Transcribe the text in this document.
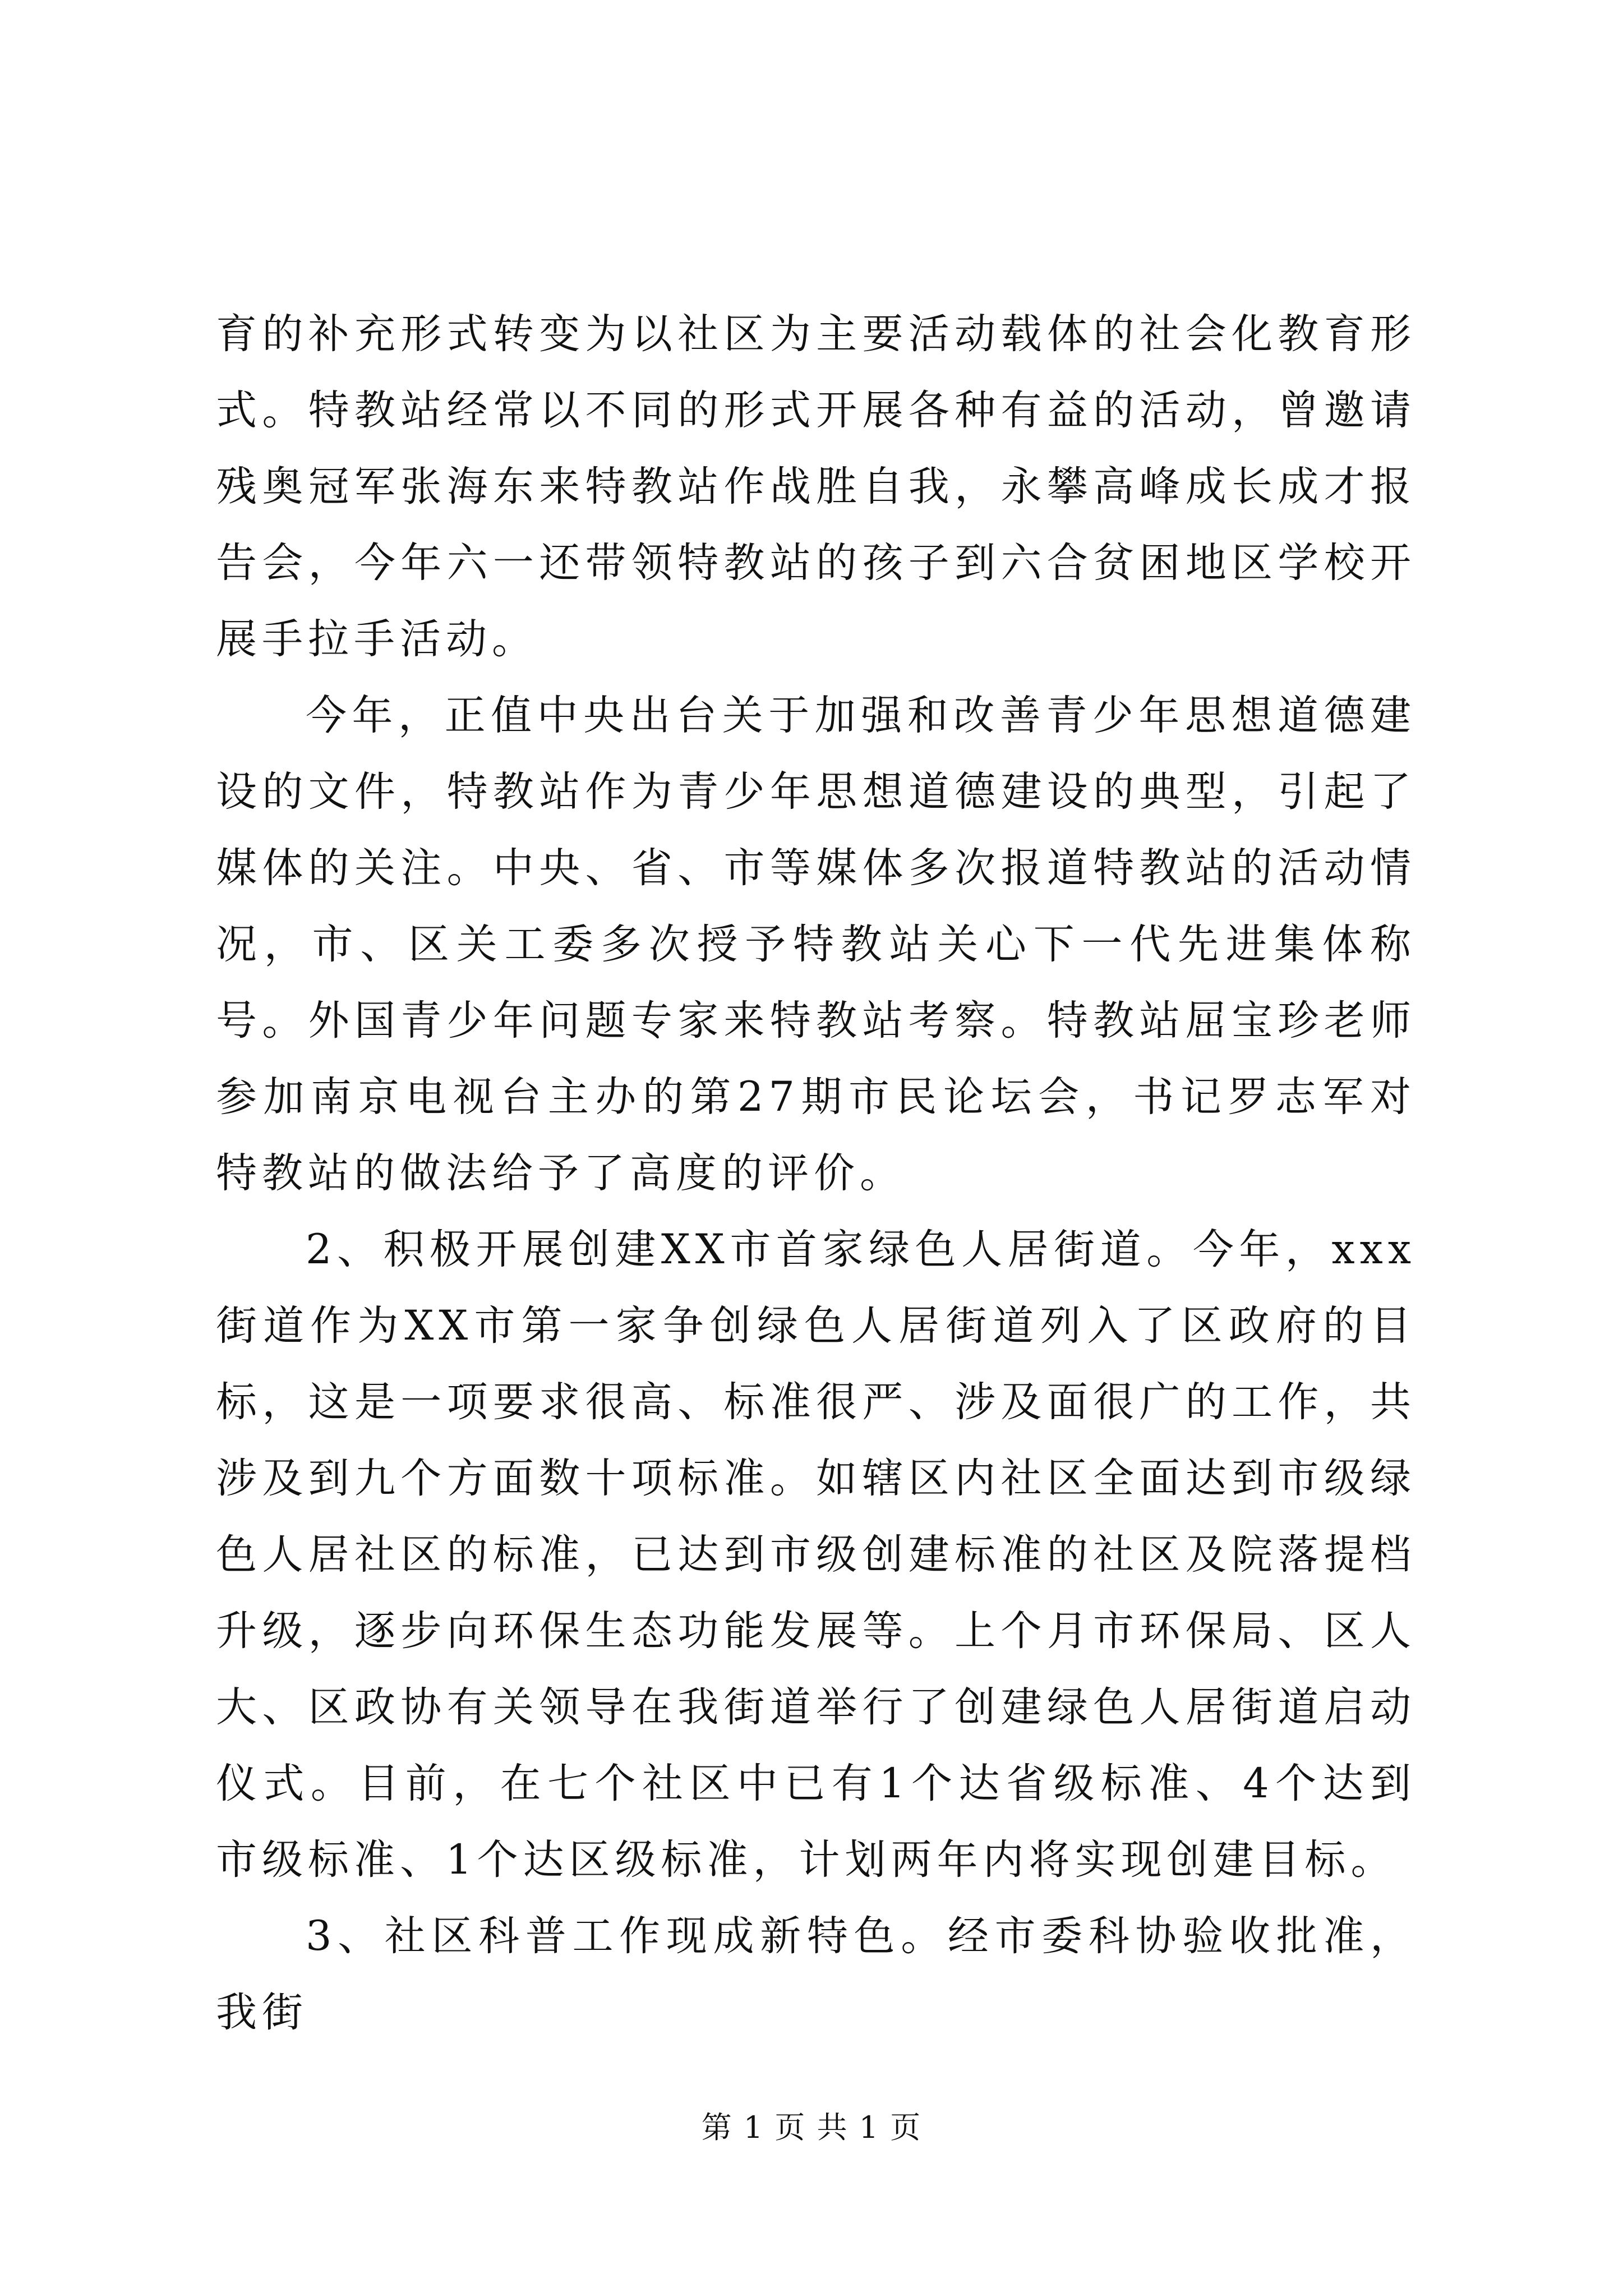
育的补充形式转变为以社区为主要活动载体的社会化教育形式。特教站经常以不同的形式开展各种有益的活动，曾邀请残奥冠军张海东来特教站作战胜自我，永攀高峰成长成才报告会，今年六一还带领特教站的孩子到六合贫困地区学校开展手拉手活动。

今年，正值中央出台关于加强和改善青少年思想道德建设的文件，特教站作为青少年思想道德建设的典型，引起了媒体的关注。中央、省、市等媒体多次报道特教站的活动情况，市、区关工委多次授予特教站关心下一代先进集体称号。外国青少年问题专家来特教站考察。特教站屈宝珍老师参加南京电视台主办的第27期市民论坛会，书记罗志军对特教站的做法给予了高度的评价。

2、积极开展创建XX市首家绿色人居街道。今年，xxx街道作为XX市第一家争创绿色人居街道列入了区政府的目标，这是一项要求很高、标准很严、涉及面很广的工作，共涉及到九个方面数十项标准。如辖区内社区全面达到市级绿色人居社区的标准，已达到市级创建标准的社区及院落提档升级，逐步向环保生态功能发展等。上个月市环保局、区人大、区政协有关领导在我街道举行了创建绿色人居街道启动仪式。目前，在七个社区中已有1个达省级标准、4个达到市级标准、1个达区级标准，计划两年内将实现创建目标。

3、社区科普工作现成新特色。经市委科协验收批准，我街

第 1 页 共 1 页
